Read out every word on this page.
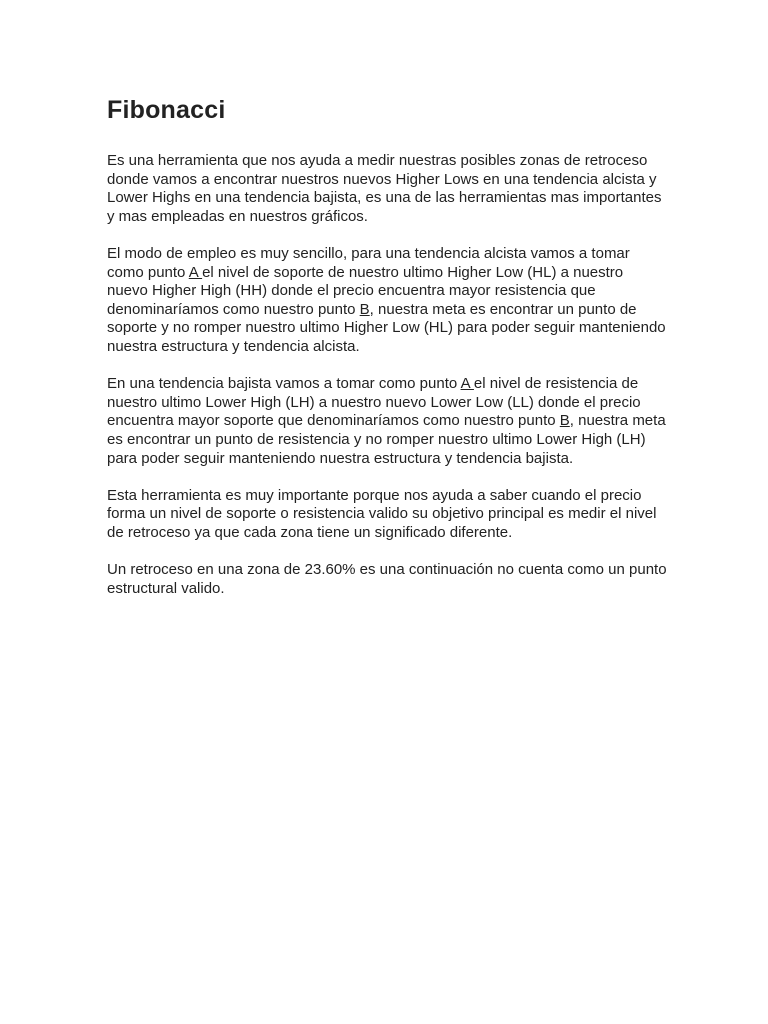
Fibonacci

Es una herramienta que nos ayuda a medir nuestras posibles zonas de retroceso donde vamos a encontrar nuestros nuevos Higher Lows en una tendencia alcista y Lower Highs en una tendencia bajista, es una de las herramientas mas importantes y mas empleadas en nuestros gráficos.

El modo de empleo es muy sencillo, para una tendencia alcista vamos a tomar como punto A el nivel de soporte de nuestro ultimo Higher Low (HL) a nuestro nuevo Higher High (HH) donde el precio encuentra mayor resistencia que denominaríamos como nuestro punto B, nuestra meta es encontrar un punto de soporte y no romper nuestro ultimo Higher Low (HL) para poder seguir manteniendo nuestra estructura y tendencia alcista.

En una tendencia bajista vamos a tomar como punto A el nivel de resistencia de nuestro ultimo Lower High (LH) a nuestro nuevo Lower Low (LL) donde el precio encuentra mayor soporte que denominaríamos como nuestro punto B, nuestra meta es encontrar un punto de resistencia y no romper nuestro ultimo Lower High (LH) para poder seguir manteniendo nuestra estructura y tendencia bajista.

Esta herramienta es muy importante porque nos ayuda a saber cuando el precio forma un nivel de soporte o resistencia valido su objetivo principal es medir el nivel de retroceso ya que cada zona tiene un significado diferente.

Un retroceso en una zona de 23.60% es una continuación no cuenta como un punto estructural valido.
